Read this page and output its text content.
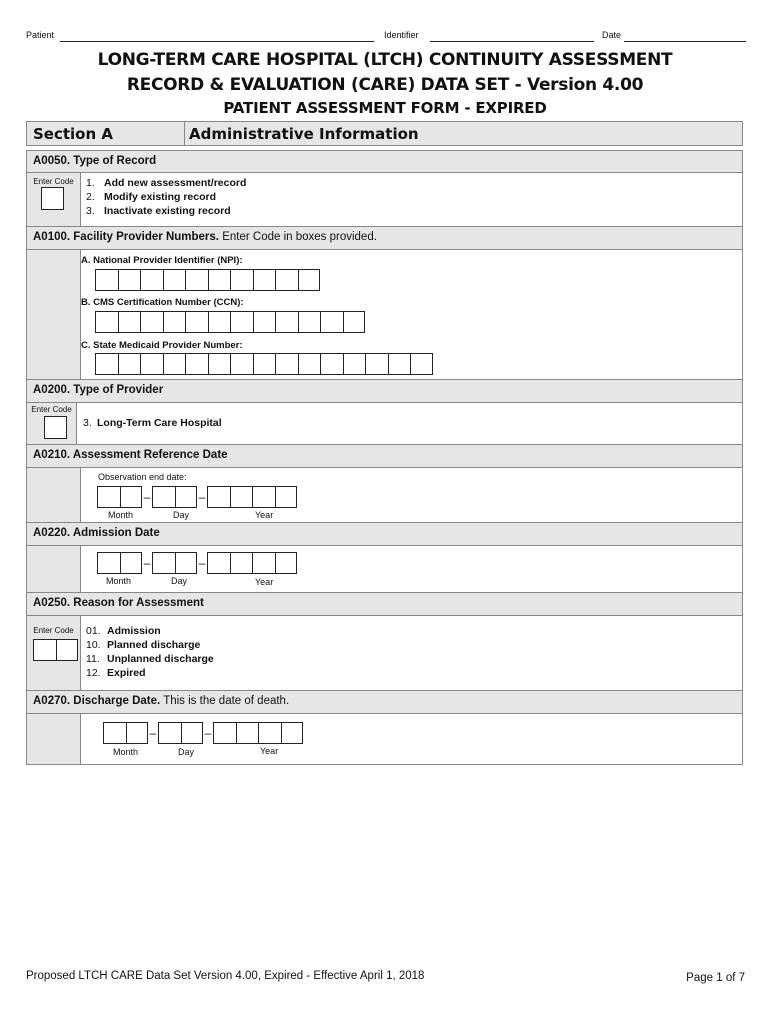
Patient	Identifier	Date
LONG-TERM CARE HOSPITAL (LTCH) CONTINUITY ASSESSMENT
RECORD & EVALUATION (CARE) DATA SET - Version 4.00
PATIENT ASSESSMENT FORM - EXPIRED
Section A	Administrative Information
A0050. Type of Record
Enter Code	1. Add new assessment/record
2. Modify existing record
3. Inactivate existing record
A0100. Facility Provider Numbers. Enter Code in boxes provided.
A. National Provider Identifier (NPI):
B. CMS Certification Number (CCN):
C. State Medicaid Provider Number:
A0200. Type of Provider
Enter Code
3. Long-Term Care Hospital
A0210. Assessment Reference Date
Observation end date:
–	–
Month	Day	Year
A0220. Admission Date
–	–
Month	Day	Year
A0250. Reason for Assessment
Enter Code	01. Admission
10. Planned discharge
11. Unplanned discharge
12. Expired
A0270. Discharge Date. This is the date of death.
–	–
Month	Day	Year
Proposed LTCH CARE Data Set Version 4.00, Expired - Effective April 1, 2018	Page 1 of 7
